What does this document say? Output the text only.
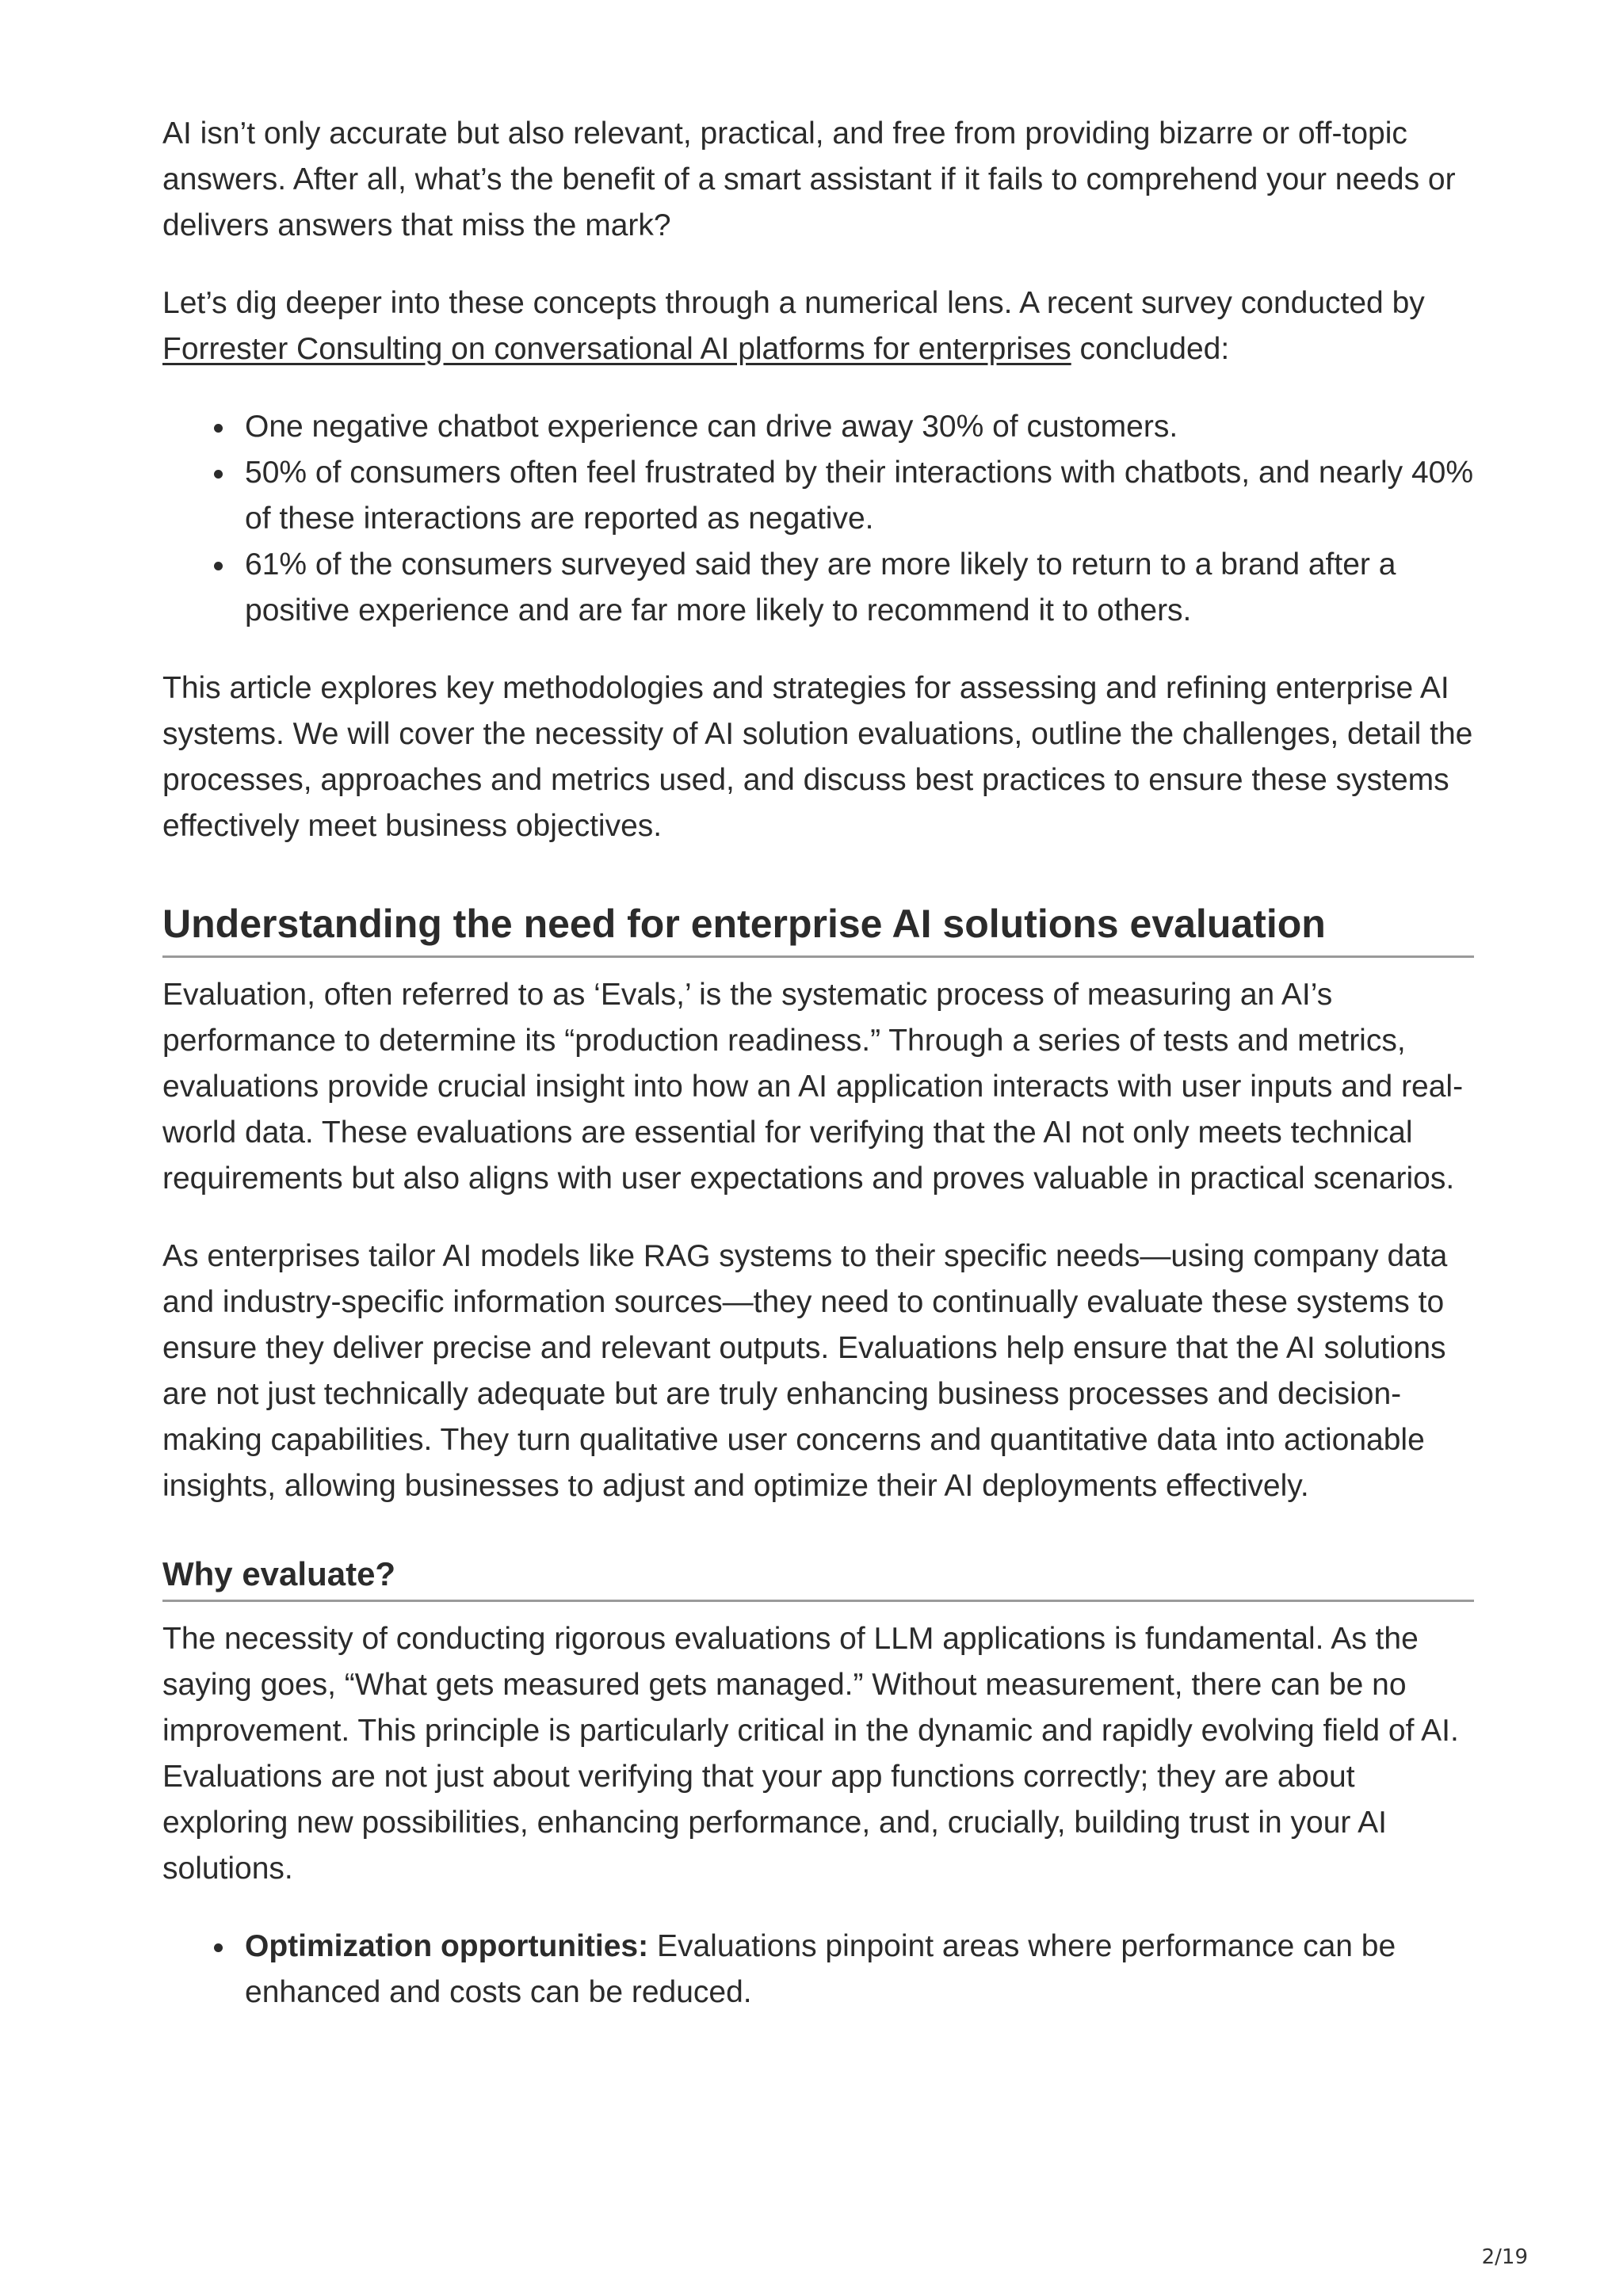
AI isn’t only accurate but also relevant, practical, and free from providing bizarre or off-topic answers. After all, what’s the benefit of a smart assistant if it fails to comprehend your needs or delivers answers that miss the mark?

Let’s dig deeper into these concepts through a numerical lens. A recent survey conducted by Forrester Consulting on conversational AI platforms for enterprises concluded:

One negative chatbot experience can drive away 30% of customers.
50% of consumers often feel frustrated by their interactions with chatbots, and nearly 40% of these interactions are reported as negative.
61% of the consumers surveyed said they are more likely to return to a brand after a positive experience and are far more likely to recommend it to others.

This article explores key methodologies and strategies for assessing and refining enterprise AI systems. We will cover the necessity of AI solution evaluations, outline the challenges, detail the processes, approaches and metrics used, and discuss best practices to ensure these systems effectively meet business objectives.

Understanding the need for enterprise AI solutions evaluation

Evaluation, often referred to as ‘Evals,’ is the systematic process of measuring an AI’s performance to determine its “production readiness.” Through a series of tests and metrics, evaluations provide crucial insight into how an AI application interacts with user inputs and real-world data. These evaluations are essential for verifying that the AI not only meets technical requirements but also aligns with user expectations and proves valuable in practical scenarios.

As enterprises tailor AI models like RAG systems to their specific needs—using company data and industry-specific information sources—they need to continually evaluate these systems to ensure they deliver precise and relevant outputs. Evaluations help ensure that the AI solutions are not just technically adequate but are truly enhancing business processes and decision-making capabilities. They turn qualitative user concerns and quantitative data into actionable insights, allowing businesses to adjust and optimize their AI deployments effectively.

Why evaluate?

The necessity of conducting rigorous evaluations of LLM applications is fundamental. As the saying goes, “What gets measured gets managed.” Without measurement, there can be no improvement. This principle is particularly critical in the dynamic and rapidly evolving field of AI. Evaluations are not just about verifying that your app functions correctly; they are about exploring new possibilities, enhancing performance, and, crucially, building trust in your AI solutions.

Optimization opportunities: Evaluations pinpoint areas where performance can be enhanced and costs can be reduced.
2/19
